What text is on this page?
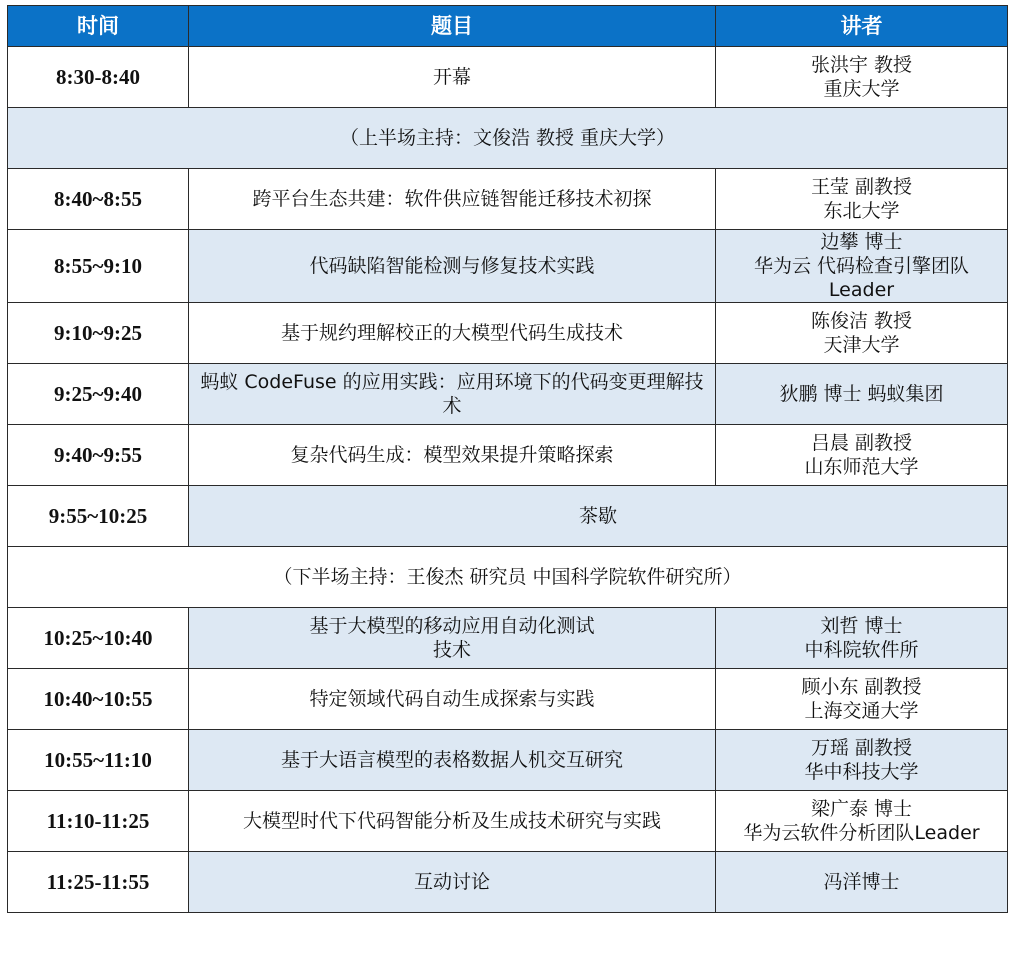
时间	题目	讲者
8:30-8:40	开幕	张洪宇 教授
重庆大学

（上半场主持：文俊浩 教授 重庆大学）		
8:40~8:55	跨平台生态共建：软件供应链智能迁移技术初探	王莹 副教授
东北大学

8:55~9:10	代码缺陷智能检测与修复技术实践	边攀 博士
华为云 代码检查引擎团队
Leader

9:10~9:25	基于规约理解校正的大模型代码生成技术	陈俊洁 教授
天津大学

9:25~9:40	蚂蚁 CodeFuse 的应用实践：应用环境下的代码变更理解技术	狄鹏 博士 蚂蚁集团

9:40~9:55	复杂代码生成：模型效果提升策略探索	吕晨 副教授
山东师范大学

9:55~10:25	茶歇	
（下半场主持：王俊杰 研究员 中国科学院软件研究所）		
10:25~10:40	基于大模型的移动应用自动化测试
技术	刘哲 博士
中科院软件所

10:40~10:55	特定领域代码自动生成探索与实践	顾小东 副教授
上海交通大学

10:55~11:10	基于大语言模型的表格数据人机交互研究	万瑶 副教授
华中科技大学

11:10-11:25	大模型时代下代码智能分析及生成技术研究与实践	梁广泰 博士
华为云软件分析团队Leader

11:25-11:55	互动讨论	冯洋博士
